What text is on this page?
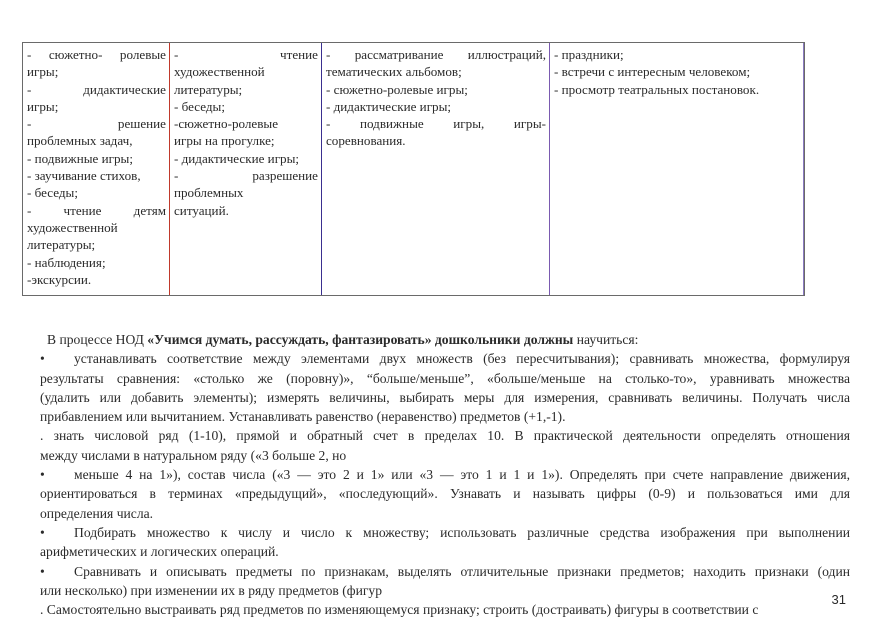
- сюжетно- ролевые
игры;
- дидактические
игры;
- решение
проблемных задач,
- подвижные игры;
- заучивание стихов,
- беседы;
- чтение детям
художественной
литературы;
- наблюдения;
-экскурсии.
- чтение
художественной
литературы;
- беседы;
-сюжетно-ролевые
игры на прогулке;
- дидактические игры;
- разрешение
проблемных
ситуаций.
- рассматривание иллюстраций,
тематических альбомов;
- сюжетно-ролевые игры;
- дидактические игры;
- подвижные игры, игры-
соревнования.
- праздники;
- встречи с интересным человеком;
- просмотр театральных постановок.
В процессе НОД «Учимся думать, рассуждать, фантазировать» дошкольники должны научиться:
• устанавливать соответствие между элементами двух множеств (без пересчитывания); сравнивать множества, формулируя
результаты сравнения: «столько же (поровну)», “больше/меньше”, «больше/меньше на столько-то», уравнивать множества
(удалить или добавить элементы); измерять величины, выбирать меры для измерения, сравнивать величины. Получать числа
прибавлением или вычитанием. Устанавливать равенство (неравенство) предметов (+1,-1).
. знать числовой ряд (1-10), прямой и обратный счет в пределах 10. В практической деятельности определять отношения
между числами в натуральном ряду («3 больше 2, но
• меньше 4 на 1»), состав числа («3 — это 2 и 1» или «3 — это 1 и 1 и 1»). Определять при счете направление движения,
ориентироваться в терминах «предыдущий», «последующий». Узнавать и называть цифры (0-9) и пользоваться ими для
определения числа.
• Подбирать множество к числу и число к множеству; использовать различные средства изображения при выполнении
арифметических и логических операций.
• Сравнивать и описывать предметы по признакам, выделять отличительные признаки предметов; находить признаки (один
или несколько) при изменении их в ряду предметов (фигур
. Самостоятельно выстраивать ряд предметов по изменяющемуся признаку; строить (достраивать) фигуры в соответствии с
31
